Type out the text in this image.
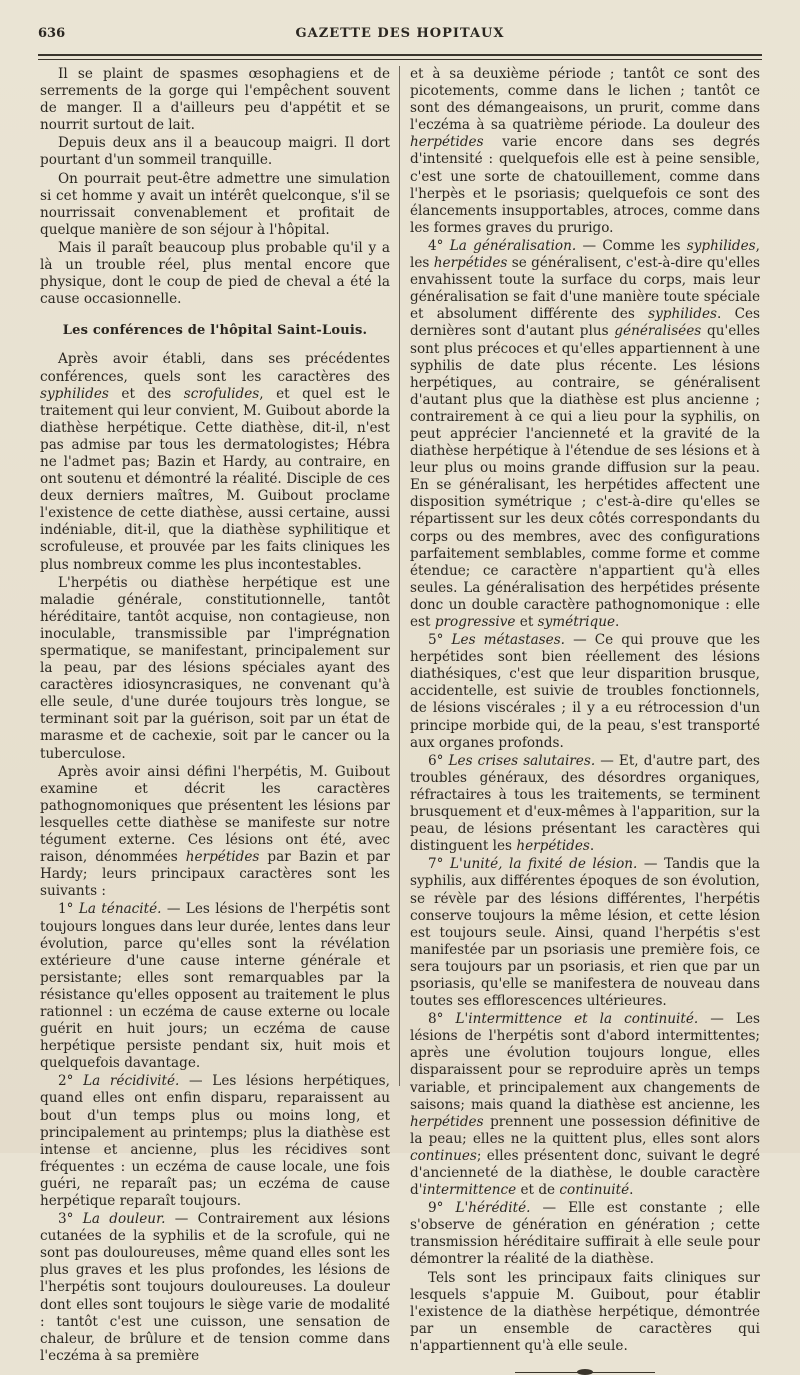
636	GAZETTE DES HOPITAUX

Il se plaint de spasmes œsophagiens et de serrements de la gorge qui l'empêchent souvent de manger. Il a d'ailleurs peu d'appétit et se nourrit surtout de lait.

Depuis deux ans il a beaucoup maigri. Il dort pourtant d'un sommeil tranquille.

On pourrait peut-être admettre une simulation si cet homme y avait un intérêt quelconque, s'il se nourrissait convenablement et profitait de quelque manière de son séjour à l'hôpital.

Mais il paraît beaucoup plus probable qu'il y a là un trouble réel, plus mental encore que physique, dont le coup de pied de cheval a été la cause occasionnelle.

Les conférences de l'hôpital Saint-Louis.

Après avoir établi, dans ses précédentes conférences, quels sont les caractères des syphilides et des scrofulides, et quel est le traitement qui leur convient, M. Guibout aborde la diathèse herpétique. Cette diathèse, dit-il, n'est pas admise par tous les dermatologistes; Hébra ne l'admet pas; Bazin et Hardy, au contraire, en ont soutenu et démontré la réalité. Disciple de ces deux derniers maîtres, M. Guibout proclame l'existence de cette diathèse, aussi certaine, aussi indéniable, dit-il, que la diathèse syphilitique et scrofuleuse, et prouvée par les faits cliniques les plus nombreux comme les plus incontestables.

L'herpétis ou diathèse herpétique est une maladie générale, constitutionnelle, tantôt héréditaire, tantôt acquise, non contagieuse, non inoculable, transmissible par l'imprégnation spermatique, se manifestant, principalement sur la peau, par des lésions spéciales ayant des caractères idiosyncrasiques, ne convenant qu'à elle seule, d'une durée toujours très longue, se terminant soit par la guérison, soit par un état de marasme et de cachexie, soit par le cancer ou la tuberculose.

Après avoir ainsi défini l'herpétis, M. Guibout examine et décrit les caractères pathognomoniques que présentent les lésions par lesquelles cette diathèse se manifeste sur notre tégument externe. Ces lésions ont été, avec raison, dénommées herpétides par Bazin et par Hardy; leurs principaux caractères sont les suivants :

1° La ténacité. — Les lésions de l'herpétis sont toujours longues dans leur durée, lentes dans leur évolution, parce qu'elles sont la révélation extérieure d'une cause interne générale et persistante; elles sont remarquables par la résistance qu'elles opposent au traitement le plus rationnel : un eczéma de cause externe ou locale guérit en huit jours; un eczéma de cause herpétique persiste pendant six, huit mois et quelquefois davantage.

2° La récidivité. — Les lésions herpétiques, quand elles ont enfin disparu, reparaissent au bout d'un temps plus ou moins long, et principalement au printemps; plus la diathèse est intense et ancienne, plus les récidives sont fréquentes : un eczéma de cause locale, une fois guéri, ne reparaît pas; un eczéma de cause herpétique reparaît toujours.

3° La douleur. — Contrairement aux lésions cutanées de la syphilis et de la scrofule, qui ne sont pas douloureuses, même quand elles sont les plus graves et les plus profondes, les lésions de l'herpétis sont toujours douloureuses. La douleur dont elles sont toujours le siège varie de modalité : tantôt c'est une cuisson, une sensation de chaleur, de brûlure et de tension comme dans l'eczéma à sa première

et à sa deuxième période ; tantôt ce sont des picotements, comme dans le lichen ; tantôt ce sont des démangeaisons, un prurit, comme dans l'eczéma à sa quatrième période. La douleur des herpétides varie encore dans ses degrés d'intensité : quelquefois elle est à peine sensible, c'est une sorte de chatouillement, comme dans l'herpès et le psoriasis; quelquefois ce sont des élancements insupportables, atroces, comme dans les formes graves du prurigo.

4° La généralisation. — Comme les syphilides, les herpétides se généralisent, c'est-à-dire qu'elles envahissent toute la surface du corps, mais leur généralisation se fait d'une manière toute spéciale et absolument différente des syphilides. Ces dernières sont d'autant plus généralisées qu'elles sont plus précoces et qu'elles appartiennent à une syphilis de date plus récente. Les lésions herpétiques, au contraire, se généralisent d'autant plus que la diathèse est plus ancienne ; contrairement à ce qui a lieu pour la syphilis, on peut apprécier l'ancienneté et la gravité de la diathèse herpétique à l'étendue de ses lésions et à leur plus ou moins grande diffusion sur la peau. En se généralisant, les herpétides affectent une disposition symétrique ; c'est-à-dire qu'elles se répartissent sur les deux côtés correspondants du corps ou des membres, avec des configurations parfaitement semblables, comme forme et comme étendue; ce caractère n'appartient qu'à elles seules. La généralisation des herpétides présente donc un double caractère pathognomonique : elle est progressive et symétrique.

5° Les métastases. — Ce qui prouve que les herpétides sont bien réellement des lésions diathésiques, c'est que leur disparition brusque, accidentelle, est suivie de troubles fonctionnels, de lésions viscérales ; il y a eu rétrocession d'un principe morbide qui, de la peau, s'est transporté aux organes profonds.

6° Les crises salutaires. — Et, d'autre part, des troubles généraux, des désordres organiques, réfractaires à tous les traitements, se terminent brusquement et d'eux-mêmes à l'apparition, sur la peau, de lésions présentant les caractères qui distinguent les herpétides.

7° L'unité, la fixité de lésion. — Tandis que la syphilis, aux différentes époques de son évolution, se révèle par des lésions différentes, l'herpétis conserve toujours la même lésion, et cette lésion est toujours seule. Ainsi, quand l'herpétis s'est manifestée par un psoriasis une première fois, ce sera toujours par un psoriasis, et rien que par un psoriasis, qu'elle se manifestera de nouveau dans toutes ses efflorescences ultérieures.

8° L'intermittence et la continuité. — Les lésions de l'herpétis sont d'abord intermittentes; après une évolution toujours longue, elles disparaissent pour se reproduire après un temps variable, et principalement aux changements de saisons; mais quand la diathèse est ancienne, les herpétides prennent une possession définitive de la peau; elles ne la quittent plus, elles sont alors continues; elles présentent donc, suivant le degré d'ancienneté de la diathèse, le double caractère d'intermittence et de continuité.

9° L'hérédité. — Elle est constante ; elle s'observe de génération en génération ; cette transmission héréditaire suffirait à elle seule pour démontrer la réalité de la diathèse.

Tels sont les principaux faits cliniques sur lesquels s'appuie M. Guibout, pour établir l'existence de la diathèse herpétique, démontrée par un ensemble de caractères qui n'appartiennent qu'à elle seule.
